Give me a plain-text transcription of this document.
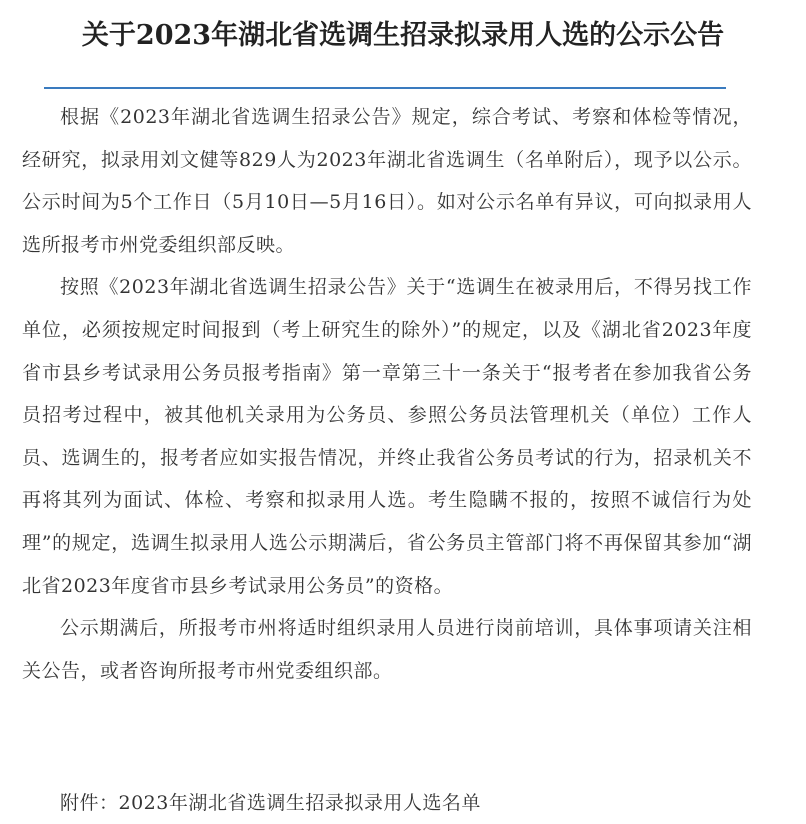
关于2023年湖北省选调生招录拟录用人选的公示公告

根据《2023年湖北省选调生招录公告》规定，综合考试、考察和体检等情况，经研究，拟录用刘文健等829人为2023年湖北省选调生（名单附后），现予以公示。公示时间为5个工作日（5月10日—5月16日）。如对公示名单有异议，可向拟录用人选所报考市州党委组织部反映。

按照《2023年湖北省选调生招录公告》关于“选调生在被录用后，不得另找工作单位，必须按规定时间报到（考上研究生的除外）”的规定，以及《湖北省2023年度省市县乡考试录用公务员报考指南》第一章第三十一条关于“报考者在参加我省公务员招考过程中，被其他机关录用为公务员、参照公务员法管理机关（单位）工作人员、选调生的，报考者应如实报告情况，并终止我省公务员考试的行为，招录机关不再将其列为面试、体检、考察和拟录用人选。考生隐瞒不报的，按照不诚信行为处理”的规定，选调生拟录用人选公示期满后，省公务员主管部门将不再保留其参加“湖北省2023年度省市县乡考试录用公务员”的资格。

公示期满后，所报考市州将适时组织录用人员进行岗前培训，具体事项请关注相关公告，或者咨询所报考市州党委组织部。

附件：2023年湖北省选调生招录拟录用人选名单
